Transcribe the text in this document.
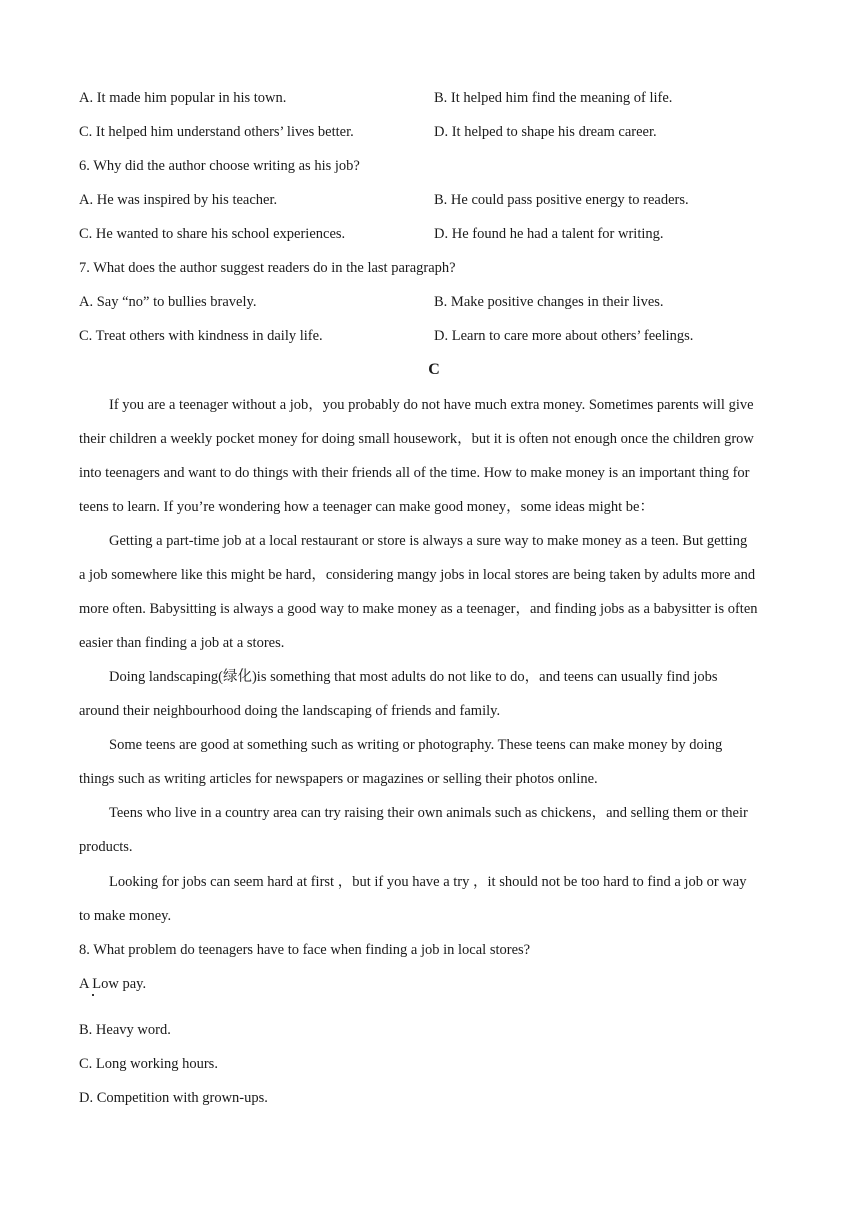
A. It made him popular in his town.	B. It helped him find the meaning of life.
C. It helped him understand others’ lives better.	D. It helped to shape his dream career.
6. Why did the author choose writing as his job?
A. He was inspired by his teacher.	B. He could pass positive energy to readers.
C. He wanted to share his school experiences.	D. He found he had a talent for writing.
7. What does the author suggest readers do in the last paragraph?
A. Say “no” to bullies bravely.	B. Make positive changes in their lives.
C. Treat others with kindness in daily life.	D. Learn to care more about others’ feelings.
C
If you are a teenager without a job，you probably do not have much extra money. Sometimes parents will give
their children a weekly pocket money for doing small housework，but it is often not enough once the children grow
into teenagers and want to do things with their friends all of the time. How to make money is an important thing for
teens to learn. If you’re wondering how a teenager can make good money，some ideas might be：
Getting a part-time job at a local restaurant or store is always a sure way to make money as a teen. But getting
a job somewhere like this might be hard，considering mangy jobs in local stores are being taken by adults more and
more often. Babysitting is always a good way to make money as a teenager，and finding jobs as a babysitter is often
easier than finding a job at a stores.
Doing landscaping(绿化)is something that most adults do not like to do，and teens can usually find jobs
around their neighbourhood doing the landscaping of friends and family.
Some teens are good at something such as writing or photography. These teens can make money by doing
things such as writing articles for newspapers or magazines or selling their photos online.
Teens who live in a country area can try raising their own animals such as chickens，and selling them or their
products.
Looking for jobs can seem hard at first ，but if you have a try ，it should not be too hard to find a job or way
to make money.
8. What problem do teenagers have to face when finding a job in local stores?
A Low pay.
B. Heavy word.
C. Long working hours.
D. Competition with grown-ups.
